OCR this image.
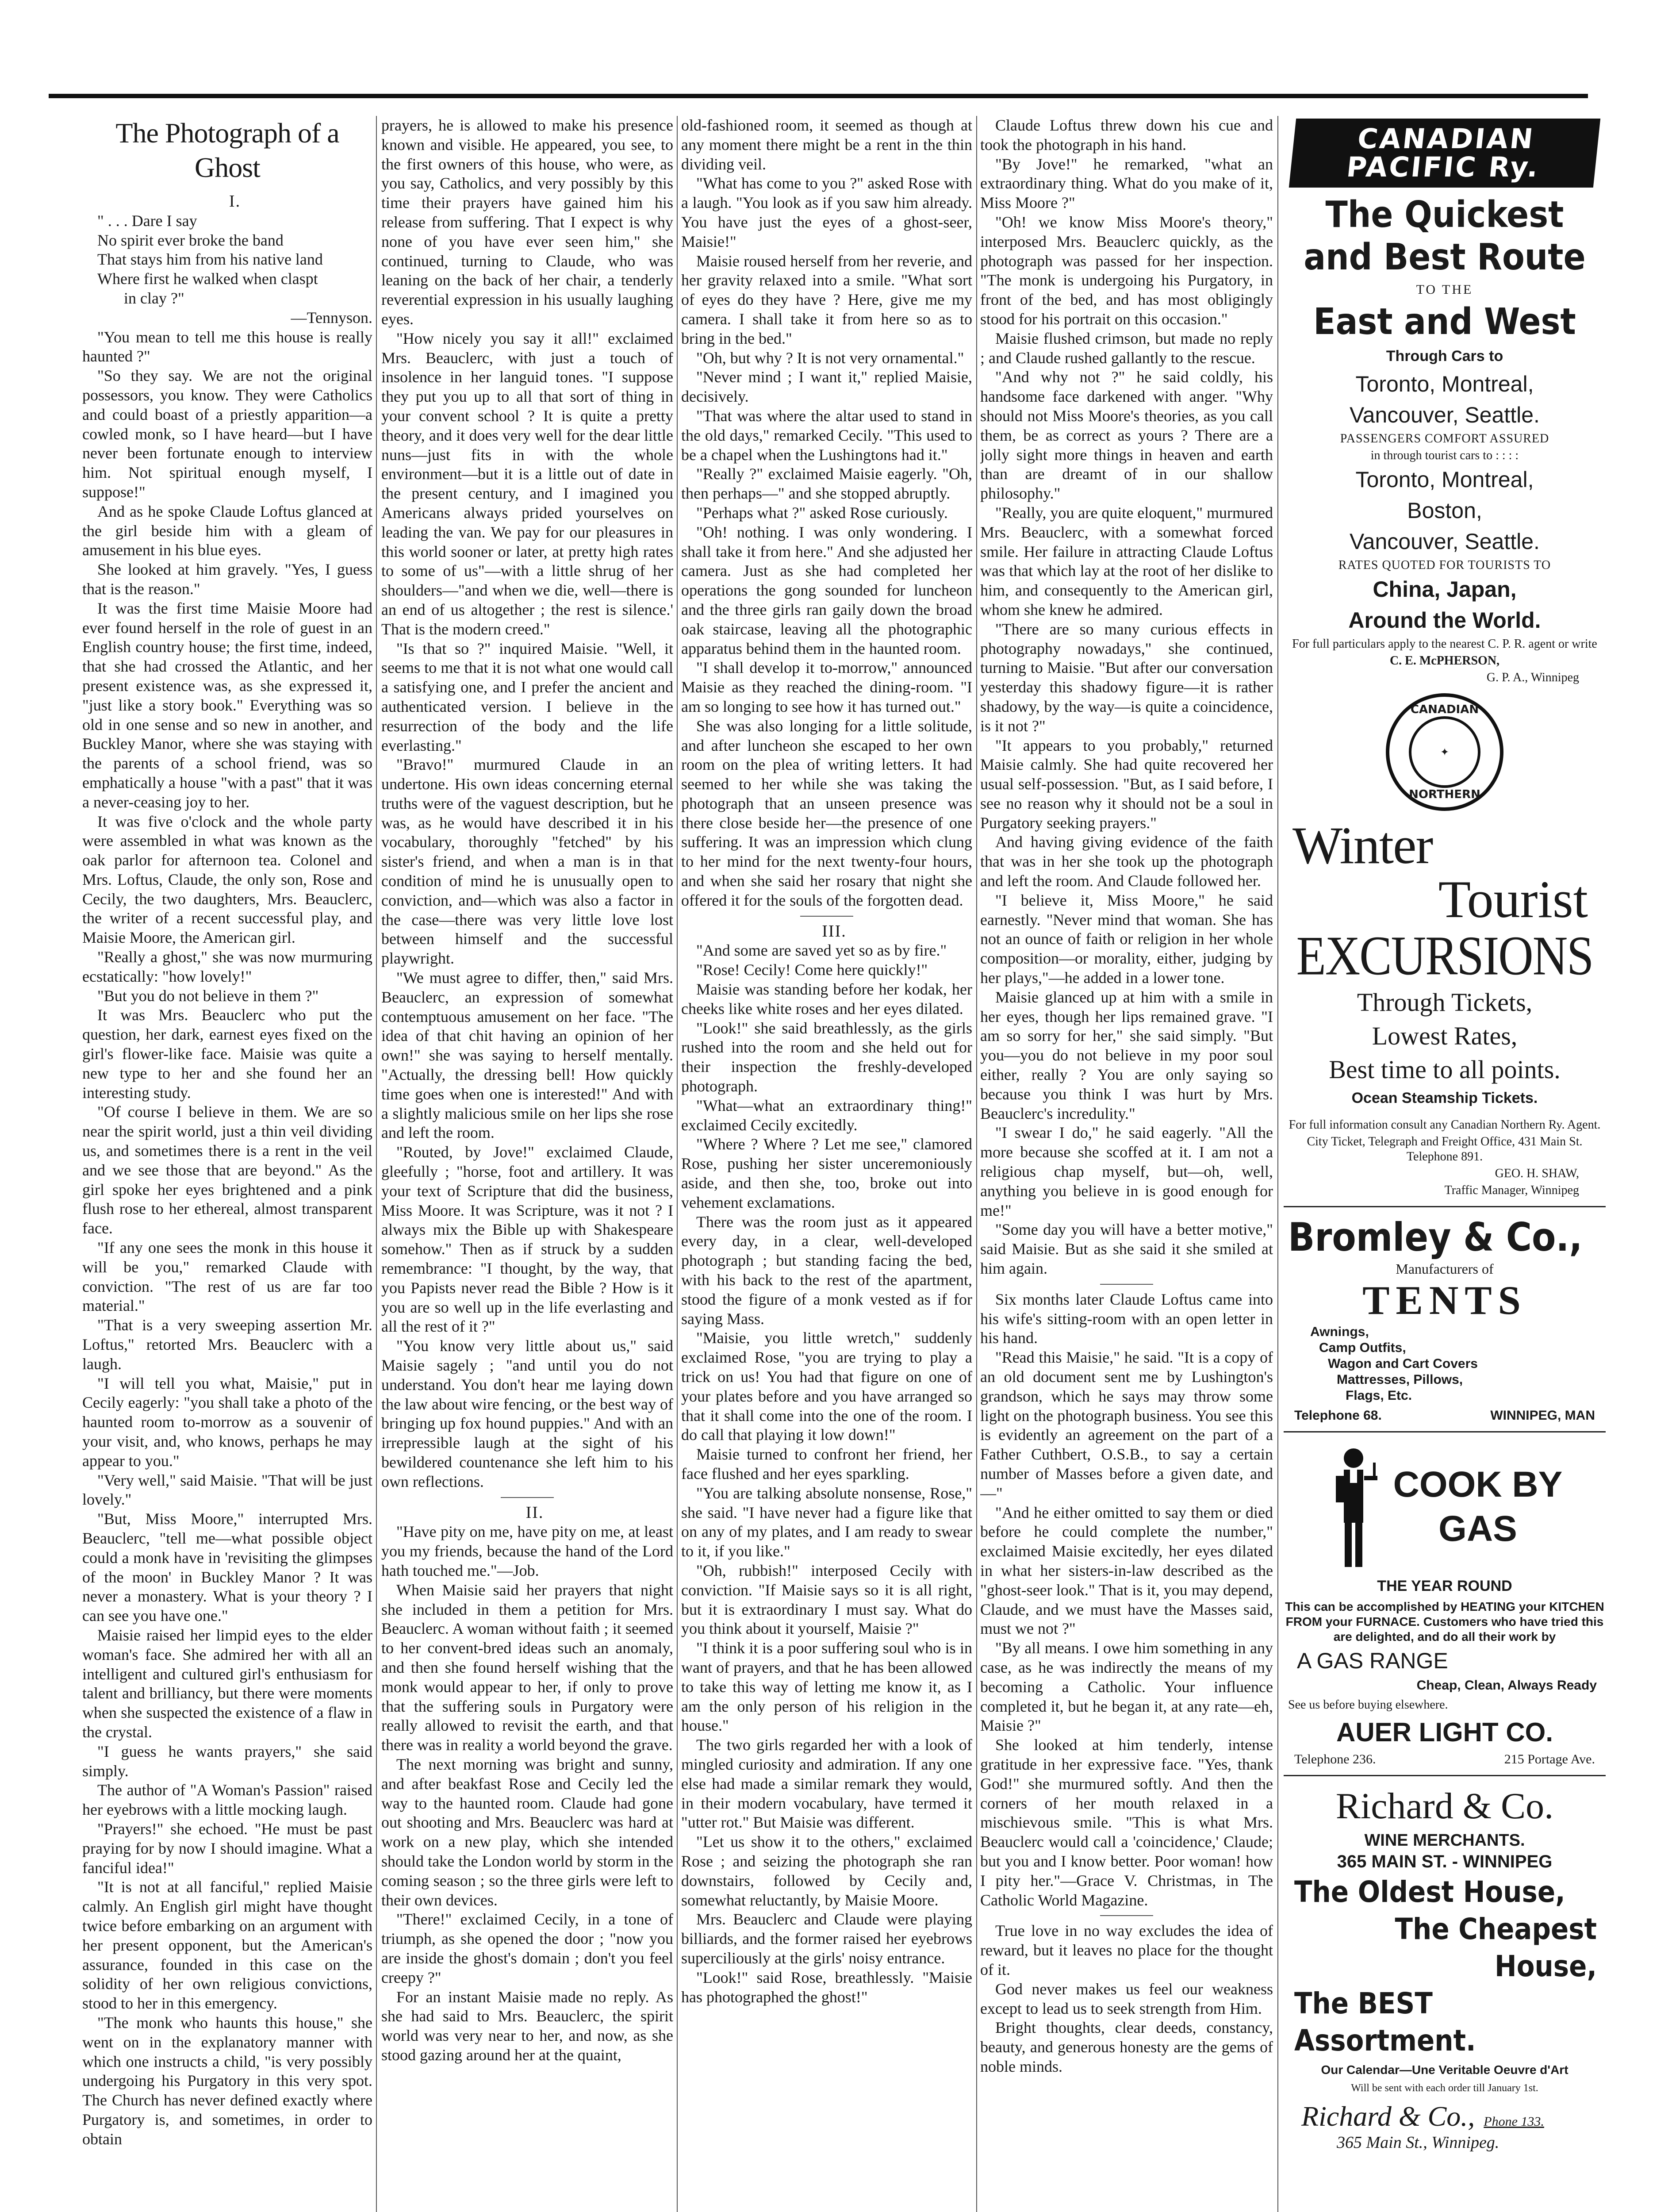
The Photograph of a Ghost

I.

" . . . Dare I say

No spirit ever broke the band

That stays him from his native land

Where first he walked when claspt

in clay ?"

—Tennyson.

"You mean to tell me this house is really haunted ?"

"So they say. We are not the original possessors, you know. They were Catholics and could boast of a priestly apparition—a cowled monk, so I have heard—but I have never been fortunate enough to interview him. Not spiritual enough myself, I suppose!"

And as he spoke Claude Loftus glanced at the girl beside him with a gleam of amusement in his blue eyes.

She looked at him gravely. "Yes, I guess that is the reason."

It was the first time Maisie Moore had ever found herself in the role of guest in an English country house; the first time, indeed, that she had crossed the Atlantic, and her present existence was, as she expressed it, "just like a story book." Everything was so old in one sense and so new in another, and Buckley Manor, where she was staying with the parents of a school friend, was so emphatically a house "with a past" that it was a never-ceasing joy to her.

It was five o'clock and the whole party were assembled in what was known as the oak parlor for afternoon tea. Colonel and Mrs. Loftus, Claude, the only son, Rose and Cecily, the two daughters, Mrs. Beauclerc, the writer of a recent successful play, and Maisie Moore, the American girl.

"Really a ghost," she was now murmuring ecstatically: "how lovely!"

"But you do not believe in them ?"

It was Mrs. Beauclerc who put the question, her dark, earnest eyes fixed on the girl's flower-like face. Maisie was quite a new type to her and she found her an interesting study.

"Of course I believe in them. We are so near the spirit world, just a thin veil dividing us, and sometimes there is a rent in the veil and we see those that are beyond." As the girl spoke her eyes brightened and a pink flush rose to her ethereal, almost transparent face.

"If any one sees the monk in this house it will be you," remarked Claude with conviction. "The rest of us are far too material."

"That is a very sweeping assertion Mr. Loftus," retorted Mrs. Beauclerc with a laugh.

"I will tell you what, Maisie," put in Cecily eagerly: "you shall take a photo of the haunted room to-morrow as a souvenir of your visit, and, who knows, perhaps he may appear to you."

"Very well," said Maisie. "That will be just lovely."

"But, Miss Moore," interrupted Mrs. Beauclerc, "tell me—what possible object could a monk have in 'revisiting the glimpses of the moon' in Buckley Manor ? It was never a monastery. What is your theory ? I can see you have one."

Maisie raised her limpid eyes to the elder woman's face. She admired her with all an intelligent and cultured girl's enthusiasm for talent and brilliancy, but there were moments when she suspected the existence of a flaw in the crystal.

"I guess he wants prayers," she said simply.

The author of "A Woman's Passion" raised her eyebrows with a little mocking laugh.

"Prayers!" she echoed. "He must be past praying for by now I should imagine. What a fanciful idea!"

"It is not at all fanciful," replied Maisie calmly. An English girl might have thought twice before embarking on an argument with her present opponent, but the American's assurance, founded in this case on the solidity of her own religious convictions, stood to her in this emergency.

"The monk who haunts this house," she went on in the explanatory manner with which one instructs a child, "is very possibly undergoing his Purgatory in this very spot. The Church has never defined exactly where Purgatory is, and sometimes, in order to obtain

prayers, he is allowed to make his presence known and visible. He appeared, you see, to the first owners of this house, who were, as you say, Catholics, and very possibly by this time their prayers have gained him his release from suffering. That I expect is why none of you have ever seen him," she continued, turning to Claude, who was leaning on the back of her chair, a tenderly reverential expression in his usually laughing eyes.

"How nicely you say it all!" exclaimed Mrs. Beauclerc, with just a touch of insolence in her languid tones. "I suppose they put you up to all that sort of thing in your convent school ? It is quite a pretty theory, and it does very well for the dear little nuns—just fits in with the whole environment—but it is a little out of date in the present century, and I imagined you Americans always prided yourselves on leading the van. We pay for our pleasures in this world sooner or later, at pretty high rates to some of us"—with a little shrug of her shoulders—"and when we die, well—there is an end of us altogether ; the rest is silence.' That is the modern creed."

"Is that so ?" inquired Maisie. "Well, it seems to me that it is not what one would call a satisfying one, and I prefer the ancient and authenticated version. I believe in the resurrection of the body and the life everlasting."

"Bravo!" murmured Claude in an undertone. His own ideas concerning eternal truths were of the vaguest description, but he was, as he would have described it in his vocabulary, thoroughly "fetched" by his sister's friend, and when a man is in that condition of mind he is unusually open to conviction, and—which was also a factor in the case—there was very little love lost between himself and the successful playwright.

"We must agree to differ, then," said Mrs. Beauclerc, an expression of somewhat contemptuous amusement on her face. "The idea of that chit having an opinion of her own!" she was saying to herself mentally. "Actually, the dressing bell! How quickly time goes when one is interested!" And with a slightly malicious smile on her lips she rose and left the room.

"Routed, by Jove!" exclaimed Claude, gleefully ; "horse, foot and artillery. It was your text of Scripture that did the business, Miss Moore. It was Scripture, was it not ? I always mix the Bible up with Shakespeare somehow." Then as if struck by a sudden remembrance: "I thought, by the way, that you Papists never read the Bible ? How is it you are so well up in the life everlasting and all the rest of it ?"

"You know very little about us," said Maisie sagely ; "and until you do not understand. You don't hear me laying down the law about wire fencing, or the best way of bringing up fox hound puppies." And with an irrepressible laugh at the sight of his bewildered countenance she left him to his own reflections.

II.

"Have pity on me, have pity on me, at least you my friends, because the hand of the Lord hath touched me."—Job.

When Maisie said her prayers that night she included in them a petition for Mrs. Beauclerc. A woman without faith ; it seemed to her convent-bred ideas such an anomaly, and then she found herself wishing that the monk would appear to her, if only to prove that the suffering souls in Purgatory were really allowed to revisit the earth, and that there was in reality a world beyond the grave.

The next morning was bright and sunny, and after beakfast Rose and Cecily led the way to the haunted room. Claude had gone out shooting and Mrs. Beauclerc was hard at work on a new play, which she intended should take the London world by storm in the coming season ; so the three girls were left to their own devices.

"There!" exclaimed Cecily, in a tone of triumph, as she opened the door ; "now you are inside the ghost's domain ; don't you feel creepy ?"

For an instant Maisie made no reply. As she had said to Mrs. Beauclerc, the spirit world was very near to her, and now, as she stood gazing around her at the quaint,

old-fashioned room, it seemed as though at any moment there might be a rent in the thin dividing veil.

"What has come to you ?" asked Rose with a laugh. "You look as if you saw him already. You have just the eyes of a ghost-seer, Maisie!"

Maisie roused herself from her reverie, and her gravity relaxed into a smile. "What sort of eyes do they have ? Here, give me my camera. I shall take it from here so as to bring in the bed."

"Oh, but why ? It is not very ornamental."

"Never mind ; I want it," replied Maisie, decisively.

"That was where the altar used to stand in the old days," remarked Cecily. "This used to be a chapel when the Lushingtons had it."

"Really ?" exclaimed Maisie eagerly. "Oh, then perhaps—" and she stopped abruptly.

"Perhaps what ?" asked Rose curiously.

"Oh! nothing. I was only wondering. I shall take it from here." And she adjusted her camera. Just as she had completed her operations the gong sounded for luncheon and the three girls ran gaily down the broad oak staircase, leaving all the photographic apparatus behind them in the haunted room.

"I shall develop it to-morrow," announced Maisie as they reached the dining-room. "I am so longing to see how it has turned out."

She was also longing for a little solitude, and after luncheon she escaped to her own room on the plea of writing letters. It had seemed to her while she was taking the photograph that an unseen presence was there close beside her—the presence of one suffering. It was an impression which clung to her mind for the next twenty-four hours, and when she said her rosary that night she offered it for the souls of the forgotten dead.

III.

"And some are saved yet so as by fire."

"Rose! Cecily! Come here quickly!"

Maisie was standing before her kodak, her cheeks like white roses and her eyes dilated.

"Look!" she said breathlessly, as the girls rushed into the room and she held out for their inspection the freshly-developed photograph.

"What—what an extraordinary thing!" exclaimed Cecily excitedly.

"Where ? Where ? Let me see," clamored Rose, pushing her sister unceremoniously aside, and then she, too, broke out into vehement exclamations.

There was the room just as it appeared every day, in a clear, well-developed photograph ; but standing facing the bed, with his back to the rest of the apartment, stood the figure of a monk vested as if for saying Mass.

"Maisie, you little wretch," suddenly exclaimed Rose, "you are trying to play a trick on us! You had that figure on one of your plates before and you have arranged so that it shall come into the one of the room. I do call that playing it low down!"

Maisie turned to confront her friend, her face flushed and her eyes sparkling.

"You are talking absolute nonsense, Rose," she said. "I have never had a figure like that on any of my plates, and I am ready to swear to it, if you like."

"Oh, rubbish!" interposed Cecily with conviction. "If Maisie says so it is all right, but it is extraordinary I must say. What do you think about it yourself, Maisie ?"

"I think it is a poor suffering soul who is in want of prayers, and that he has been allowed to take this way of letting me know it, as I am the only person of his religion in the house."

The two girls regarded her with a look of mingled curiosity and admiration. If any one else had made a similar remark they would, in their modern vocabulary, have termed it "utter rot." But Maisie was different.

"Let us show it to the others," exclaimed Rose ; and seizing the photograph she ran downstairs, followed by Cecily and, somewhat reluctantly, by Maisie Moore.

Mrs. Beauclerc and Claude were playing billiards, and the former raised her eyebrows superciliously at the girls' noisy entrance.

"Look!" said Rose, breathlessly. "Maisie has photographed the ghost!"

Claude Loftus threw down his cue and took the photograph in his hand.

"By Jove!" he remarked, "what an extraordinary thing. What do you make of it, Miss Moore ?"

"Oh! we know Miss Moore's theory," interposed Mrs. Beauclerc quickly, as the photograph was passed for her inspection. "The monk is undergoing his Purgatory, in front of the bed, and has most obligingly stood for his portrait on this occasion."

Maisie flushed crimson, but made no reply ; and Claude rushed gallantly to the rescue.

"And why not ?" he said coldly, his handsome face darkened with anger. "Why should not Miss Moore's theories, as you call them, be as correct as yours ? There are a jolly sight more things in heaven and earth than are dreamt of in our shallow philosophy."

"Really, you are quite eloquent," murmured Mrs. Beauclerc, with a somewhat forced smile. Her failure in attracting Claude Loftus was that which lay at the root of her dislike to him, and consequently to the American girl, whom she knew he admired.

"There are so many curious effects in photography nowadays," she continued, turning to Maisie. "But after our conversation yesterday this shadowy figure—it is rather shadowy, by the way—is quite a coincidence, is it not ?"

"It appears to you probably," returned Maisie calmly. She had quite recovered her usual self-possession. "But, as I said before, I see no reason why it should not be a soul in Purgatory seeking prayers."

And having giving evidence of the faith that was in her she took up the photograph and left the room. And Claude followed her.

"I believe it, Miss Moore," he said earnestly. "Never mind that woman. She has not an ounce of faith or religion in her whole composition—or morality, either, judging by her plays,"—he added in a lower tone.

Maisie glanced up at him with a smile in her eyes, though her lips remained grave. "I am so sorry for her," she said simply. "But you—you do not believe in my poor soul either, really ? You are only saying so because you think I was hurt by Mrs. Beauclerc's incredulity."

"I swear I do," he said eagerly. "All the more because she scoffed at it. I am not a religious chap myself, but—oh, well, anything you believe in is good enough for me!"

"Some day you will have a better motive," said Maisie. But as she said it she smiled at him again.

Six months later Claude Loftus came into his wife's sitting-room with an open letter in his hand.

"Read this Maisie," he said. "It is a copy of an old document sent me by Lushington's grandson, which he says may throw some light on the photograph business. You see this is evidently an agreement on the part of a Father Cuthbert, O.S.B., to say a certain number of Masses before a given date, and—"

"And he either omitted to say them or died before he could complete the number," exclaimed Maisie excitedly, her eyes dilated in what her sisters-in-law described as the "ghost-seer look." That is it, you may depend, Claude, and we must have the Masses said, must we not ?"

"By all means. I owe him something in any case, as he was indirectly the means of my becoming a Catholic. Your influence completed it, but he began it, at any rate—eh, Maisie ?"

She looked at him tenderly, intense gratitude in her expressive face. "Yes, thank God!" she murmured softly. And then the corners of her mouth relaxed in a mischievous smile. "This is what Mrs. Beauclerc would call a 'coincidence,' Claude; but you and I know better. Poor woman! how I pity her."—Grace V. Christmas, in The Catholic World Magazine.

True love in no way excludes the idea of reward, but it leaves no place for the thought of it.

God never makes us feel our weakness except to lead us to seek strength from Him.

Bright thoughts, clear deeds, constancy, beauty, and generous honesty are the gems of noble minds.

CANADIAN
PACIFIC Ry.
The Quickest
and Best Route
TO THE
East and West
Through Cars to
Toronto, Montreal,
Vancouver, Seattle.
PASSENGERS COMFORT ASSURED
in through tourist cars to : : : :
Toronto, Montreal,
Boston,
Vancouver, Seattle.
RATES QUOTED FOR TOURISTS TO
China, Japan,
Around the World.
For full particulars apply to the nearest C. P. R. agent or write
C. E. McPHERSON,
G. P. A., Winnipeg
✦
CANADIAN
NORTHERN
Winter
Tourist
EXCURSIONS
Through Tickets,
Lowest Rates,
Best time to all points.
Ocean Steamship Tickets.
For full information consult any Canadian Northern Ry. Agent.
City Ticket, Telegraph and Freight Office, 431 Main St. Telephone 891.
GEO. H. SHAW,
Traffic Manager, Winnipeg
Bromley & Co.,
Manufacturers of
TENTS
Awnings,
Camp Outfits,
Wagon and Cart Covers
Mattresses, Pillows,
Flags, Etc.
Telephone 68.	WINNIPEG, MAN
COOK BY
GAS
THE YEAR ROUND
This can be accomplished by HEATING your KITCHEN FROM your FURNACE. Customers who have tried this are delighted, and do all their work by
A GAS RANGE
Cheap, Clean, Always Ready
See us before buying elsewhere.
AUER LIGHT CO.
Telephone 236.	215 Portage Ave.
Richard & Co.
WINE MERCHANTS.
365 MAIN ST. - WINNIPEG
The Oldest House,
The Cheapest House,
The BEST Assortment.
Our Calendar—Une Veritable Oeuvre d'Art
Will be sent with each order till January 1st.
Richard & Co., Phone 133.
365 Main St., Winnipeg.
